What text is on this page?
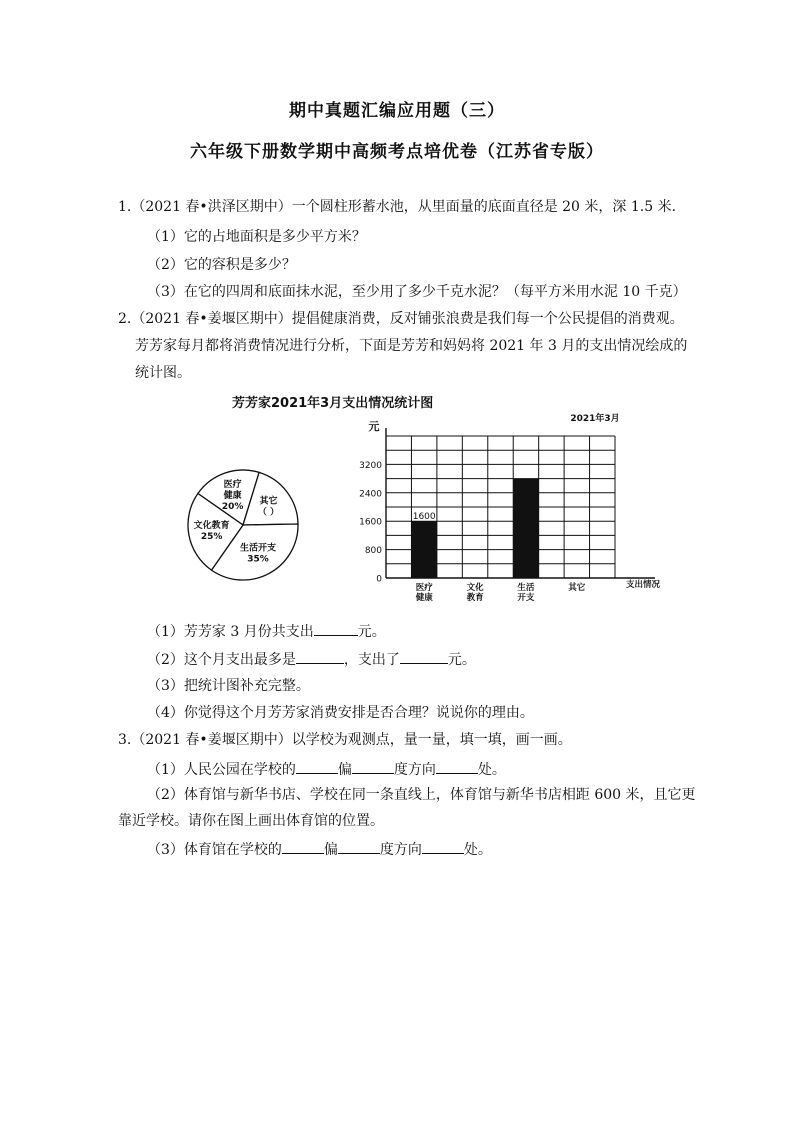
期中真题汇编应用题（三）
六年级下册数学期中高频考点培优卷（江苏省专版）
1.（2021 春•洪泽区期中）一个圆柱形蓄水池，从里面量的底面直径是 20 米，深 1.5 米．
（1）它的占地面积是多少平方米？
（2）它的容积是多少？
（3）在它的四周和底面抹水泥，至少用了多少千克水泥？（每平方米用水泥 10 千克）
2.（2021 春•姜堰区期中）提倡健康消费，反对铺张浪费是我们每一个公民提倡的消费观。
芳芳家每月都将消费情况进行分析，下面是芳芳和妈妈将 2021 年 3 月的支出情况绘成的
统计图。
芳芳家2021年3月支出情况统计图
医疗
健康
20%
其它
（ ）
生活开支
35%
文化教育
25%
0
800
1600
2400
3200
元
2021年3月
1600
医疗
健康
文化
教育
生活
开支
其它	支出情况
（1）芳芳家 3 月份共支出	元。
（2）这个月支出最多是	，支出了	元。
（3）把统计图补充完整。
（4）你觉得这个月芳芳家消费安排是否合理？说说你的理由。
3.（2021 春•姜堰区期中）以学校为观测点，量一量，填一填，画一画。
（1）人民公园在学校的	偏	度方向	处。
（2）体育馆与新华书店、学校在同一条直线上，体育馆与新华书店相距 600 米，且它更
靠近学校。请你在图上画出体育馆的位置。
（3）体育馆在学校的	偏	度方向	处。
